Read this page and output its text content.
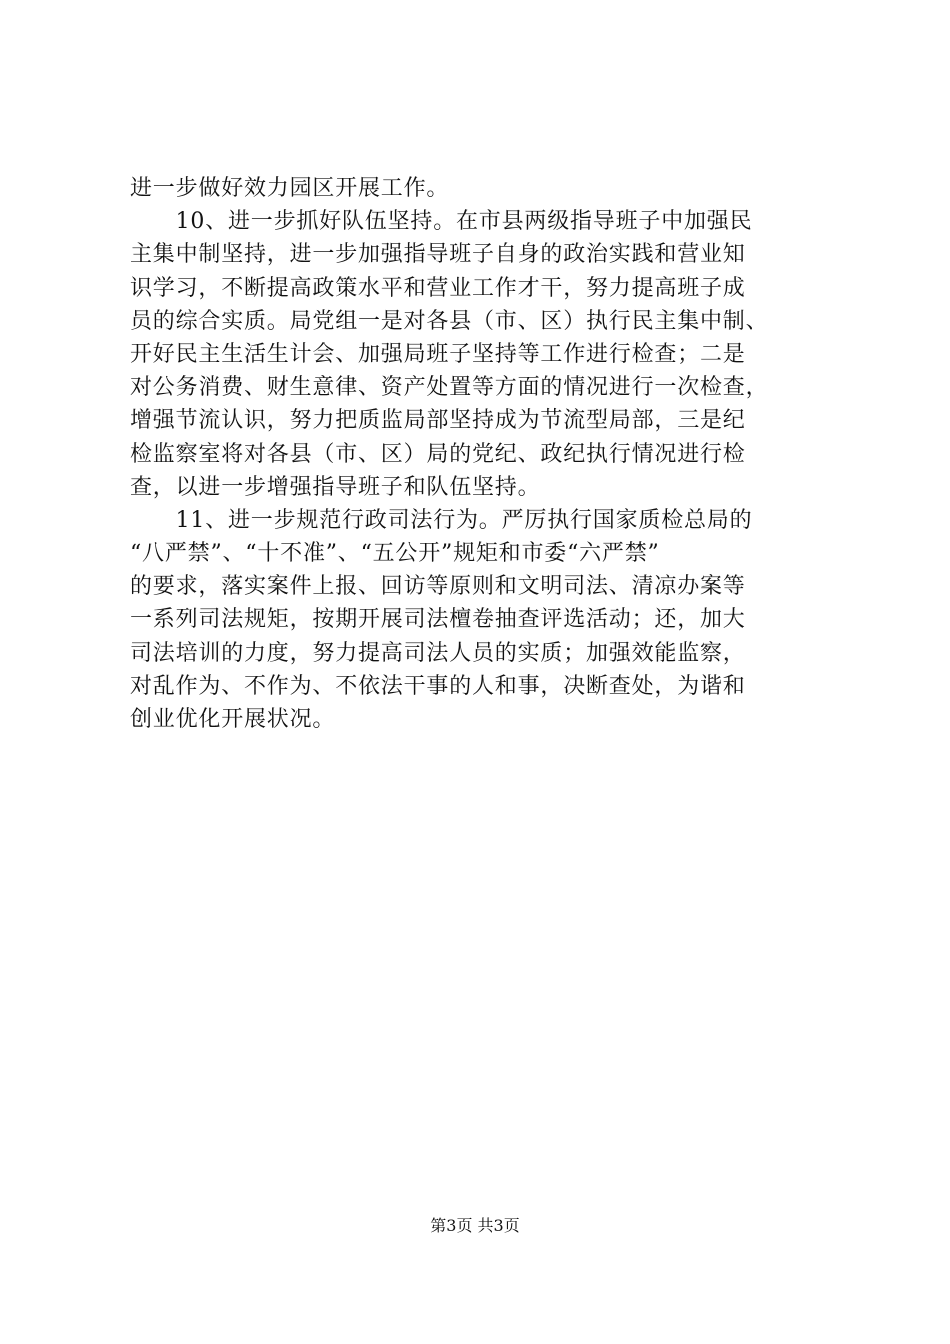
进一步做好效力园区开展工作。
　　10、进一步抓好队伍坚持。在市县两级指导班子中加强民
主集中制坚持，进一步加强指导班子自身的政治实践和营业知
识学习，不断提高政策水平和营业工作才干，努力提高班子成
员的综合实质。局党组一是对各县（市、区）执行民主集中制、
开好民主生活生计会、加强局班子坚持等工作进行检查；二是
对公务消费、财生意律、资产处置等方面的情况进行一次检查，
增强节流认识，努力把质监局部坚持成为节流型局部，三是纪
检监察室将对各县（市、区）局的党纪、政纪执行情况进行检
查，以进一步增强指导班子和队伍坚持。
　　11、进一步规范行政司法行为。严厉执行国家质检总局的
“八严禁”、“十不准”、“五公开”规矩和市委“六严禁”
的要求，落实案件上报、回访等原则和文明司法、清凉办案等
一系列司法规矩，按期开展司法檀卷抽查评选活动；还，加大
司法培训的力度，努力提高司法人员的实质；加强效能监察，
对乱作为、不作为、不依法干事的人和事，决断查处，为谐和
创业优化开展状况。
第3页 共3页
